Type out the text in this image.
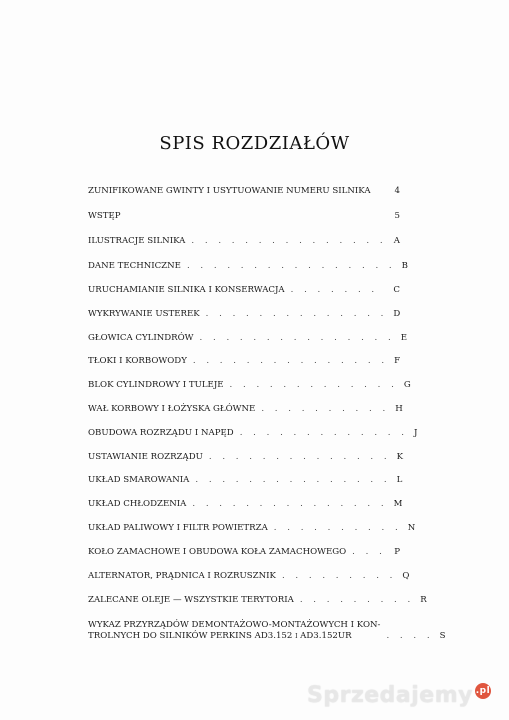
SPIS ROZDZIAŁÓW
ZUNIFIKOWANE GWINTY I USYTUOWANIE NUMERU SILNIKA	4
WSTĘP	5
ILUSTRACJE SILNIKA . . . . . . . . . . . . . . . A
DANE TECHNICZNE . . . . . . . . . . . . . . . . B
URUCHAMIANIE SILNIKA I KONSERWACJA . . . . . . .	C
WYKRYWANIE USTEREK . . . . . . . . . . . . . . D
GŁOWICA CYLINDRÓW . . . . . . . . . . . . . . . E
TŁOKI I KORBOWODY . . . . . . . . . . . . . . . F
BLOK CYLINDROWY I TULEJE . . . . . . . . . . . . . G
WAŁ KORBOWY I ŁOŻYSKA GŁÓWNE . . . . . . . . . . H
OBUDOWA ROZRZĄDU I NAPĘD . . . . . . . . . . . . . J
USTAWIANIE ROZRZĄDU . . . . . . . . . . . . . . K
UKŁAD SMAROWANIA . . . . . . . . . . . . . . . L
UKŁAD CHŁODZENIA . . . . . . . . . . . . . . . M
UKŁAD PALIWOWY I FILTR POWIETRZA . . . . . . . . . . N
KOŁO ZAMACHOWE I OBUDOWA KOŁA ZAMACHOWEGO . . . P
ALTERNATOR, PRĄDNICA I ROZRUSZNIK . . . . . . . . . Q
ZALECANE OLEJE — WSZYSTKIE TERYTORIA . . . . . . . . . R
WYKAZ PRZYRZĄDÓW DEMONTAŻOWO-MONTAŻOWYCH I KON-
TROLNYCH DO SILNIKÓW PERKINS AD3.152 i AD3.152UR	. . . . S
Sprzedajemy .pl
